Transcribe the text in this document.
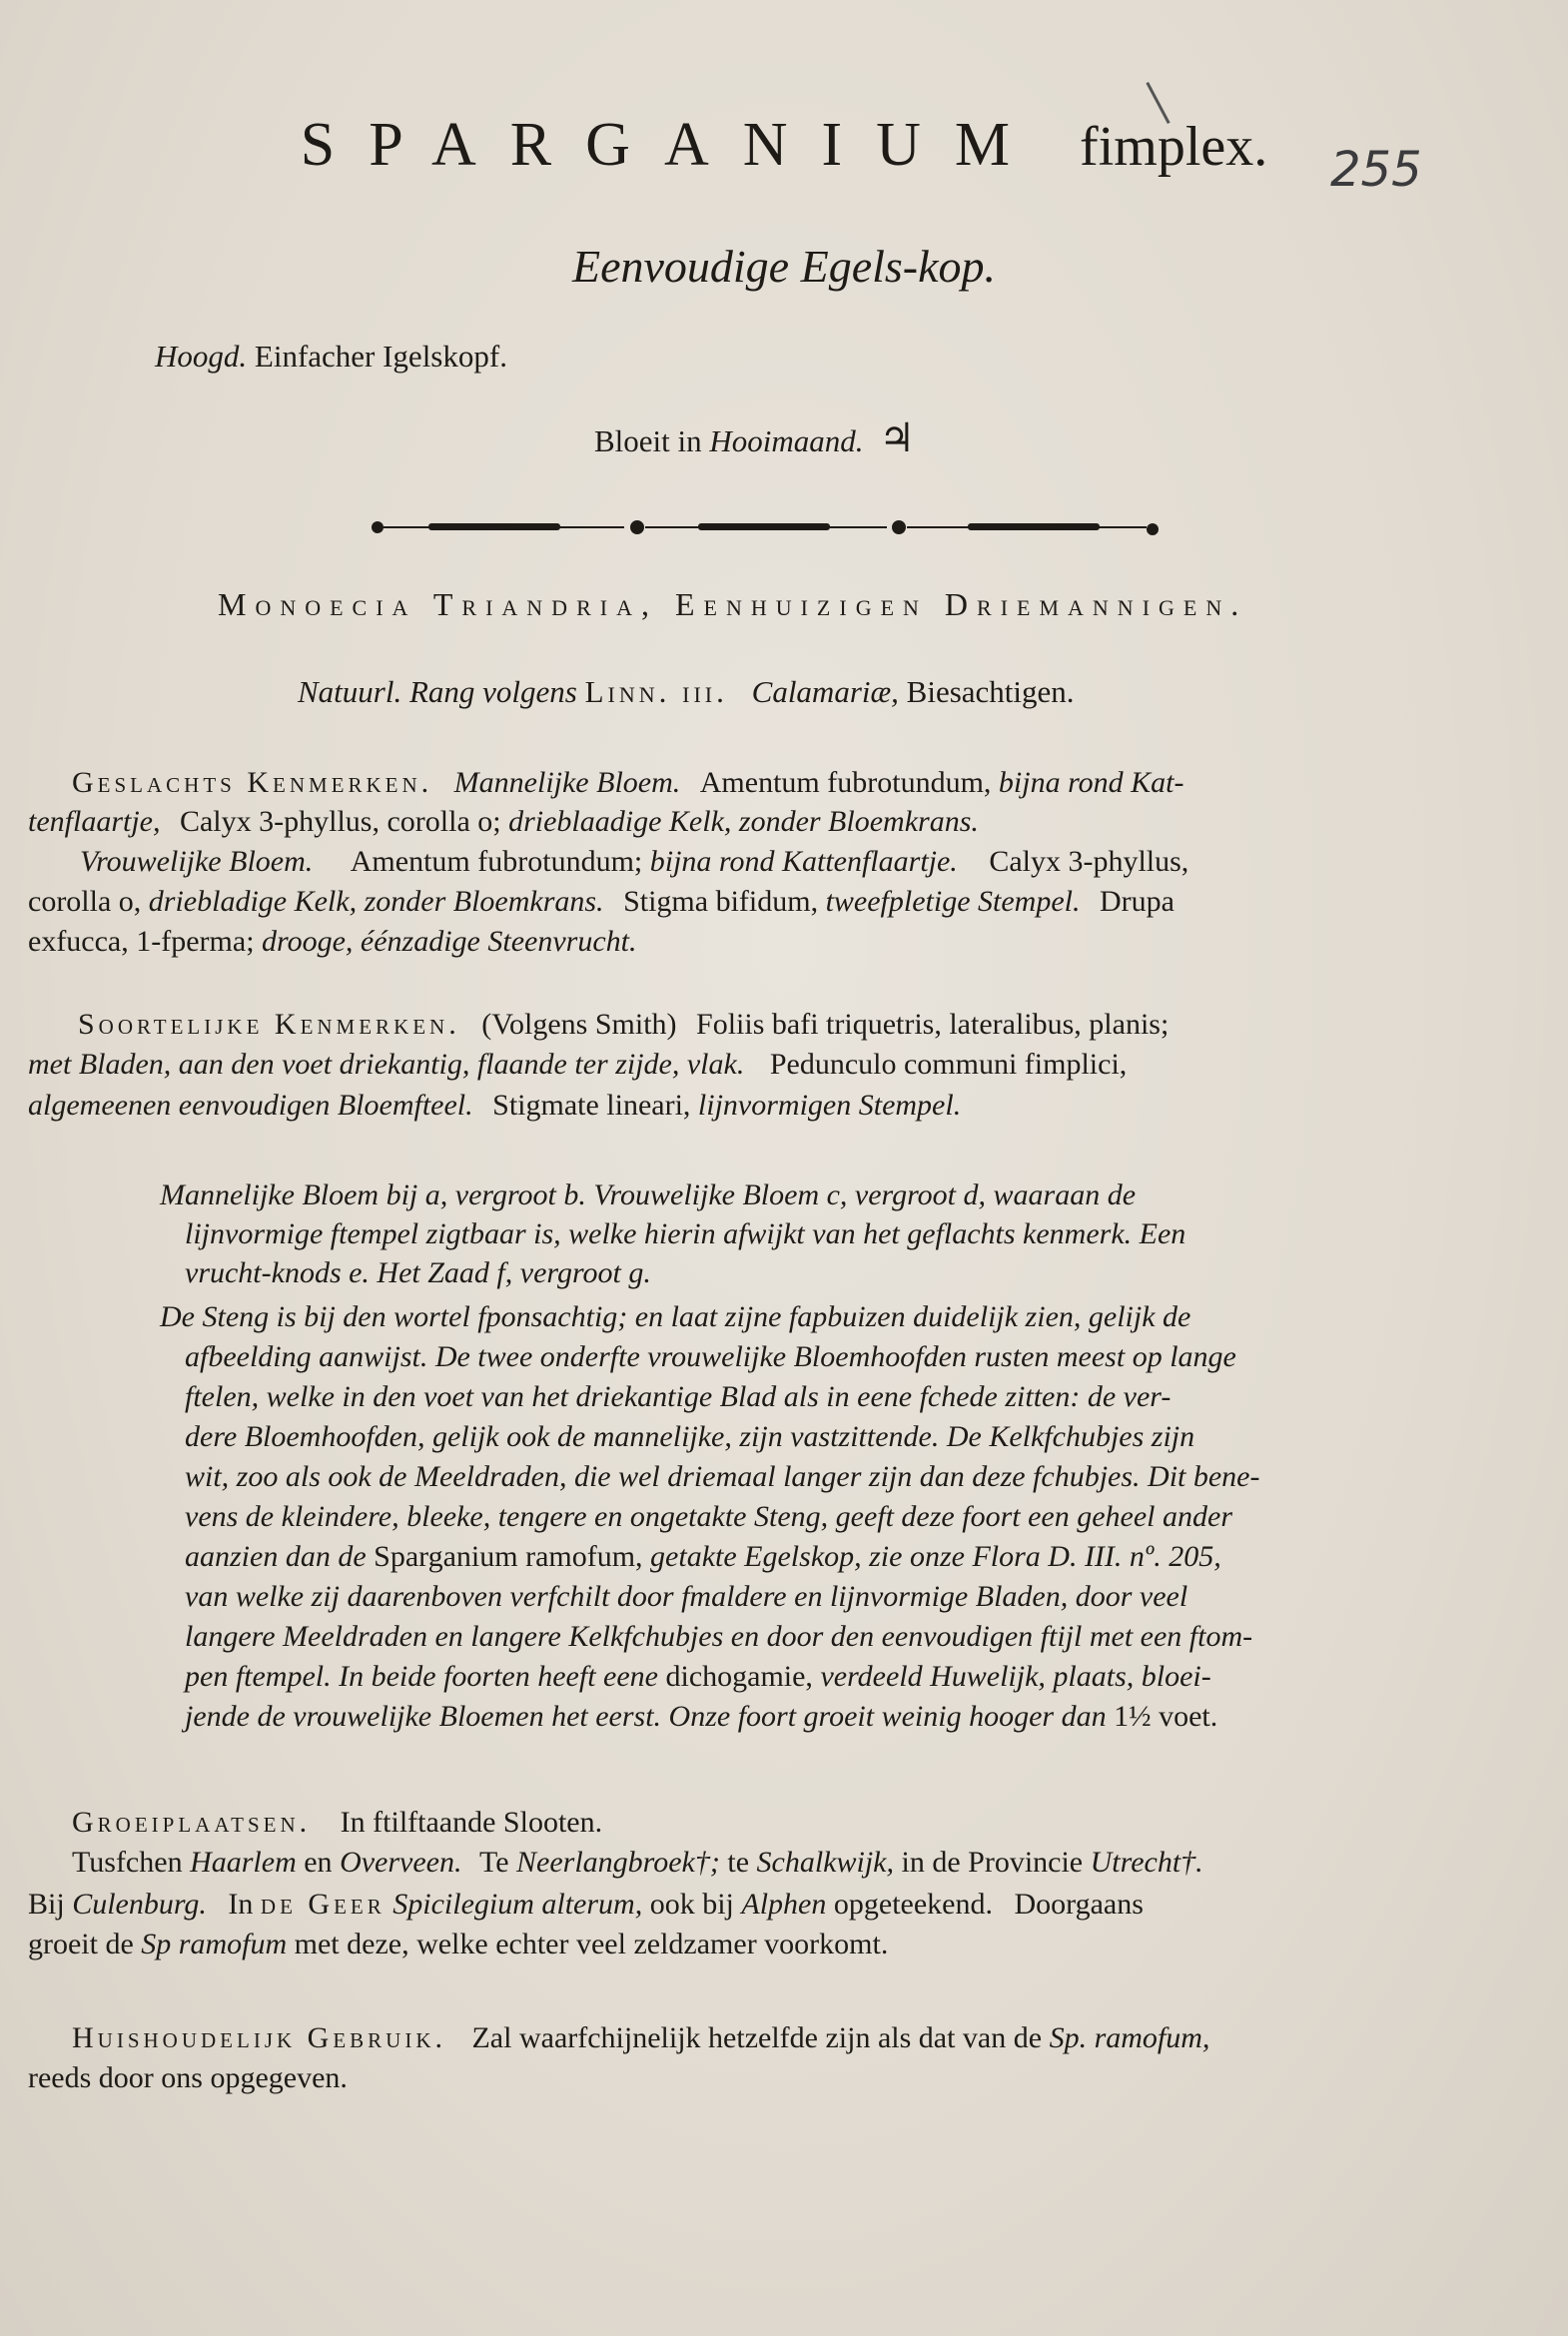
SPARGANIUM fimplex.	255
Eenvoudige Egels-kop.
Hoogd. Einfacher Igelskopf.
Bloeit in Hooimaand. ♃
Monoecia Triandria, Eenhuizigen Driemannigen.
Natuurl. Rang volgens Linn. iii. Calamariæ, Biesachtigen.
Geslachts Kenmerken. Mannelijke Bloem. Amentum fubrotundum, bijna rond Kat-
tenflaartje, Calyx 3-phyllus, corolla o; drieblaadige Kelk, zonder Bloemkrans.
Vrouwelijke Bloem. Amentum fubrotundum; bijna rond Kattenflaartje. Calyx 3-phyllus,
corolla o, driebladige Kelk, zonder Bloemkrans. Stigma bifidum, tweefpletige Stempel. Drupa
exfucca, 1-fperma; drooge, éénzadige Steenvrucht.
Soortelijke Kenmerken. (Volgens Smith) Foliis bafi triquetris, lateralibus, planis;
met Bladen, aan den voet driekantig, flaande ter zijde, vlak. Pedunculo communi fimplici,
algemeenen eenvoudigen Bloemfteel. Stigmate lineari, lijnvormigen Stempel.
Mannelijke Bloem bij a, vergroot b. Vrouwelijke Bloem c, vergroot d, waaraan de
lijnvormige ftempel zigtbaar is, welke hierin afwijkt van het geflachts kenmerk. Een
vrucht-knods e. Het Zaad f, vergroot g.
De Steng is bij den wortel fponsachtig; en laat zijne fapbuizen duidelijk zien, gelijk de
afbeelding aanwijst. De twee onderfte vrouwelijke Bloemhoofden rusten meest op lange
ftelen, welke in den voet van het driekantige Blad als in eene fchede zitten: de ver-
dere Bloemhoofden, gelijk ook de mannelijke, zijn vastzittende. De Kelkfchubjes zijn
wit, zoo als ook de Meeldraden, die wel driemaal langer zijn dan deze fchubjes. Dit bene-
vens de kleindere, bleeke, tengere en ongetakte Steng, geeft deze foort een geheel ander
aanzien dan de Sparganium ramofum, getakte Egelskop, zie onze Flora D. III. nº. 205,
van welke zij daarenboven verfchilt door fmaldere en lijnvormige Bladen, door veel
langere Meeldraden en langere Kelkfchubjes en door den eenvoudigen ftijl met een ftom-
pen ftempel. In beide foorten heeft eene dichogamie, verdeeld Huwelijk, plaats, bloei-
jende de vrouwelijke Bloemen het eerst. Onze foort groeit weinig hooger dan 1½ voet.
Groeiplaatsen. In ftilftaande Slooten.
Tusfchen Haarlem en Overveen. Te Neerlangbroek†; te Schalkwijk, in de Provincie Utrecht†.
Bij Culenburg. In de Geer Spicilegium alterum, ook bij Alphen opgeteekend. Doorgaans
groeit de Sp ramofum met deze, welke echter veel zeldzamer voorkomt.
Huishoudelijk Gebruik. Zal waarfchijnelijk hetzelfde zijn als dat van de Sp. ramofum,
reeds door ons opgegeven.
